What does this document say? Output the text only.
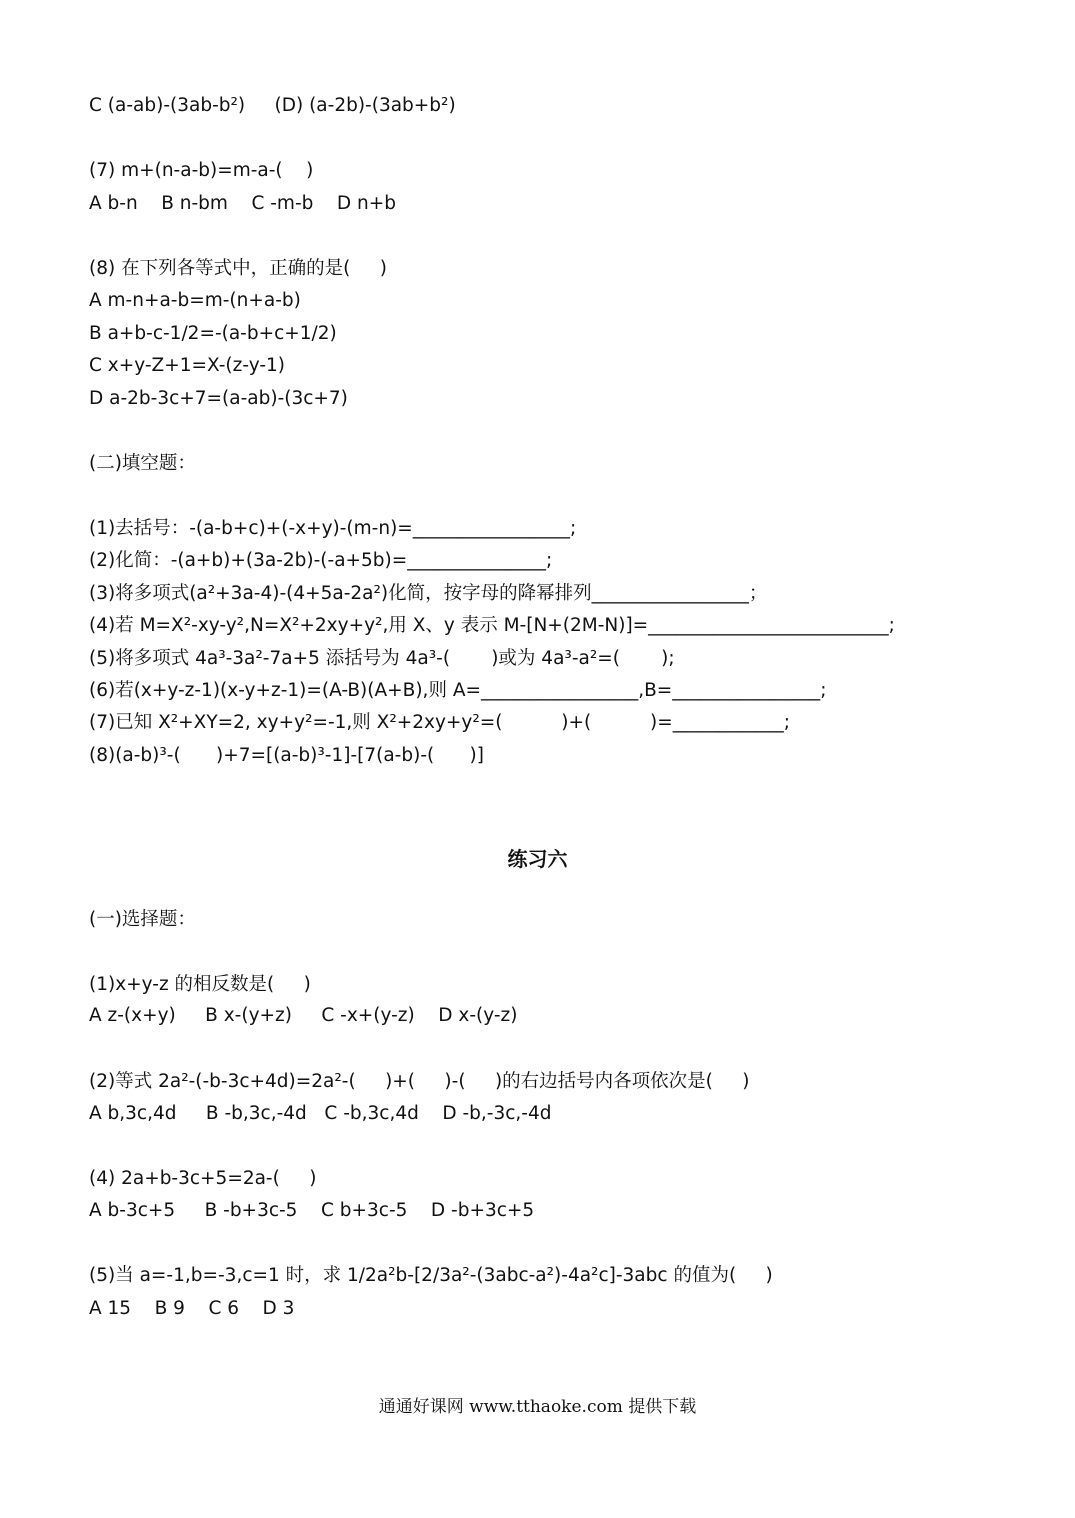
练习六
通通好课网 www.tthaoke.com 提供下载
C (a-ab)-(3ab-b²)     (D) (a-2b)-(3ab+b²)
(7) m+(n-a-b)=m-a-(    )
A b-n    B n-bm    C -m-b    D n+b
(8) 在下列各等式中，正确的是(     )
A m-n+a-b=m-(n+a-b)
B a+b-c-1/2=-(a-b+c+1/2)
C x+y-Z+1=X-(z-y-1)
D a-2b-3c+7=(a-ab)-(3c+7)
(二)填空题：
(1)去括号：-(a-b+c)+(-x+y)-(m-n)=_________________;
(2)化简：-(a+b)+(3a-2b)-(-a+5b)=_______________;
(3)将多项式(a²+3a-4)-(4+5a-2a²)化简，按字母的降幂排列_________________；
(4)若 M=X²-xy-y²,N=X²+2xy+y²,用 X、y 表示 M-[N+(2M-N)]=__________________________;
(5)将多项式 4a³-3a²-7a+5 添括号为 4a³-(       )或为 4a³-a²=(       );
(6)若(x+y-z-1)(x-y+z-1)=(A-B)(A+B),则 A=_________________,B=________________;
(7)已知 X²+XY=2, xy+y²=-1,则 X²+2xy+y²=(          )+(          )=____________;
(8)(a-b)³-(      )+7=[(a-b)³-1]-[7(a-b)-(      )]
(一)选择题：
(1)x+y-z 的相反数是(     )
A z-(x+y)     B x-(y+z)     C -x+(y-z)    D x-(y-z)
(2)等式 2a²-(-b-3c+4d)=2a²-(     )+(     )-(     )的右边括号内各项依次是(     )
A b,3c,4d     B -b,3c,-4d   C -b,3c,4d    D -b,-3c,-4d
(4) 2a+b-3c+5=2a-(     )
A b-3c+5     B -b+3c-5    C b+3c-5    D -b+3c+5
(5)当 a=-1,b=-3,c=1 时，求 1/2a²b-[2/3a²-(3abc-a²)-4a²c]-3abc 的值为(     )
A 15    B 9    C 6    D 3
